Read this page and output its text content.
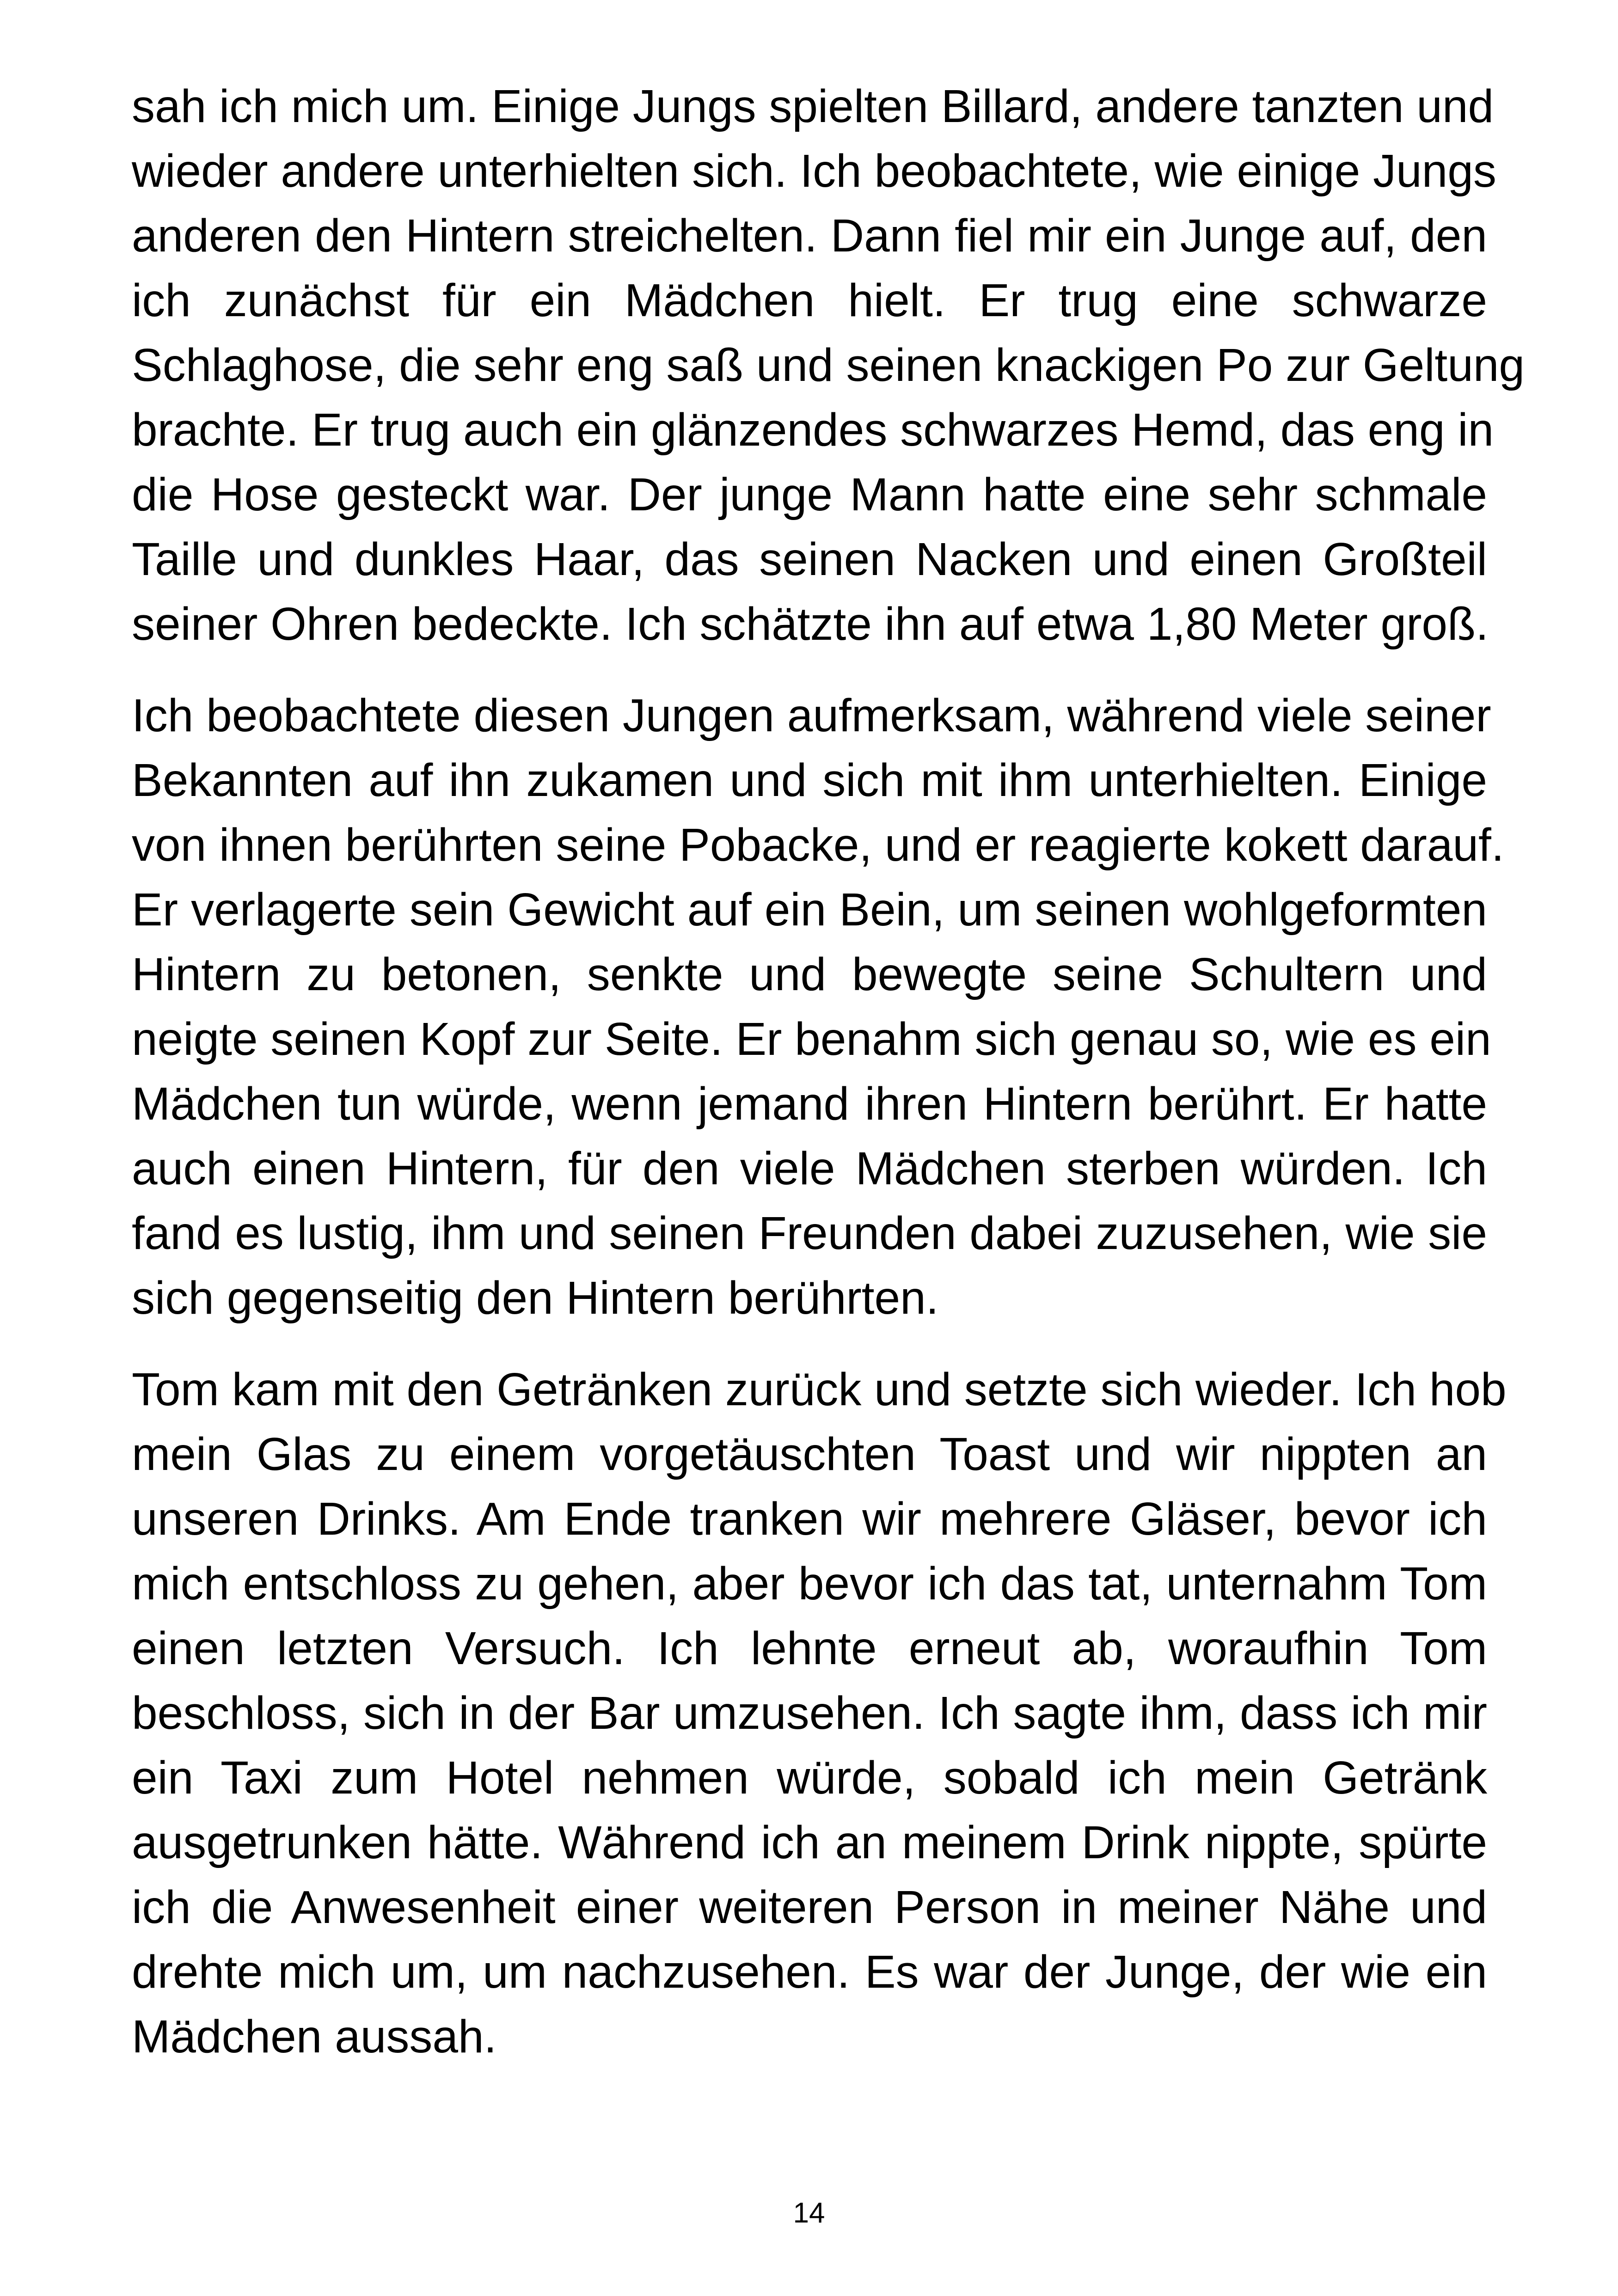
sah ich mich um. Einige Jungs spielten Billard, andere tanzten und
wieder andere unterhielten sich. Ich beobachtete, wie einige Jungs
anderen den Hintern streichelten. Dann fiel mir ein Junge auf, den
ich zunächst für ein Mädchen hielt. Er trug eine schwarze
Schlaghose, die sehr eng saß und seinen knackigen Po zur Geltung
brachte. Er trug auch ein glänzendes schwarzes Hemd, das eng in
die Hose gesteckt war. Der junge Mann hatte eine sehr schmale
Taille und dunkles Haar, das seinen Nacken und einen Großteil
seiner Ohren bedeckte. Ich schätzte ihn auf etwa 1,80 Meter groß.

Ich beobachtete diesen Jungen aufmerksam, während viele seiner
Bekannten auf ihn zukamen und sich mit ihm unterhielten. Einige
von ihnen berührten seine Pobacke, und er reagierte kokett darauf.
Er verlagerte sein Gewicht auf ein Bein, um seinen wohlgeformten
Hintern zu betonen, senkte und bewegte seine Schultern und
neigte seinen Kopf zur Seite. Er benahm sich genau so, wie es ein
Mädchen tun würde, wenn jemand ihren Hintern berührt. Er hatte
auch einen Hintern, für den viele Mädchen sterben würden. Ich
fand es lustig, ihm und seinen Freunden dabei zuzusehen, wie sie
sich gegenseitig den Hintern berührten.

Tom kam mit den Getränken zurück und setzte sich wieder. Ich hob
mein Glas zu einem vorgetäuschten Toast und wir nippten an
unseren Drinks. Am Ende tranken wir mehrere Gläser, bevor ich
mich entschloss zu gehen, aber bevor ich das tat, unternahm Tom
einen letzten Versuch. Ich lehnte erneut ab, woraufhin Tom
beschloss, sich in der Bar umzusehen. Ich sagte ihm, dass ich mir
ein Taxi zum Hotel nehmen würde, sobald ich mein Getränk
ausgetrunken hätte. Während ich an meinem Drink nippte, spürte
ich die Anwesenheit einer weiteren Person in meiner Nähe und
drehte mich um, um nachzusehen. Es war der Junge, der wie ein
Mädchen aussah.

14
